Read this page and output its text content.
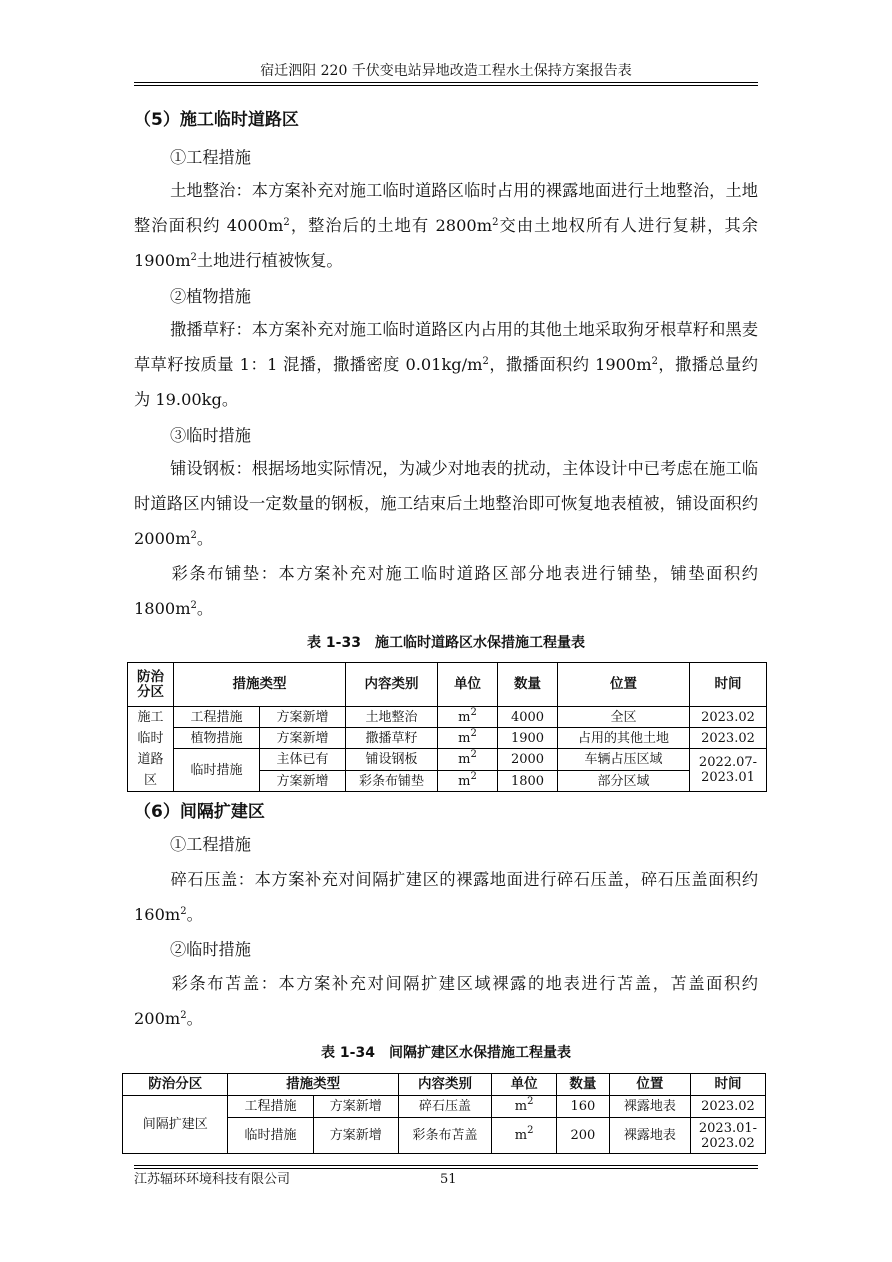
宿迁泗阳 220 千伏变电站异地改造工程水土保持方案报告表
（5）施工临时道路区
①工程措施
土地整治：本方案补充对施工临时道路区临时占用的裸露地面进行土地整治，土地整治面积约 $4000m^2$，整治后的土地有 $2800m^2$交由土地权所有人进行复耕，其余 $1900m^2$土地进行植被恢复。
②植物措施
撒播草籽：本方案补充对施工临时道路区内占用的其他土地采取狗牙根草籽和黑麦草草籽按质量 1：1 混播，撒播密度 $0.01kg/m^2$，撒播面积约 $1900m^2$，撒播总量约为 19.00kg。
③临时措施
铺设钢板：根据场地实际情况，为减少对地表的扰动，主体设计中已考虑在施工临时道路区内铺设一定数量的钢板，施工结束后土地整治即可恢复地表植被，铺设面积约 $2000m^2$。
彩条布铺垫：本方案补充对施工临时道路区部分地表进行铺垫，铺垫面积约$1800m^2$。
表 1-33　施工临时道路区水保措施工程量表
防治分区	措施类型		内容类别	单位	数量	位置	时间
施工临时道路区	工程措施	方案新增	土地整治	$m^2$	4000	全区	2023.02
	植物措施	方案新增	撒播草籽	$m^2$	1900	占用的其他土地	2023.02
	临时措施	主体已有	铺设钢板	$m^2$	2000	车辆占压区域	2022.07-2023.01
		方案新增	彩条布铺垫	$m^2$	1800	部分区域	
（6）间隔扩建区
①工程措施
碎石压盖：本方案补充对间隔扩建区的裸露地面进行碎石压盖，碎石压盖面积约 $160m^2$。
②临时措施
彩条布苫盖：本方案补充对间隔扩建区域裸露的地表进行苫盖，苫盖面积约$200m^2$。
表 1-34　间隔扩建区水保措施工程量表
防治分区	措施类型		内容类别	单位	数量	位置	时间
间隔扩建区	工程措施	方案新增	碎石压盖	$m^2$	160	裸露地表	2023.02
	临时措施	方案新增	彩条布苫盖	$m^2$	200	裸露地表	2023.01-2023.02
江苏辐环环境科技有限公司	51
